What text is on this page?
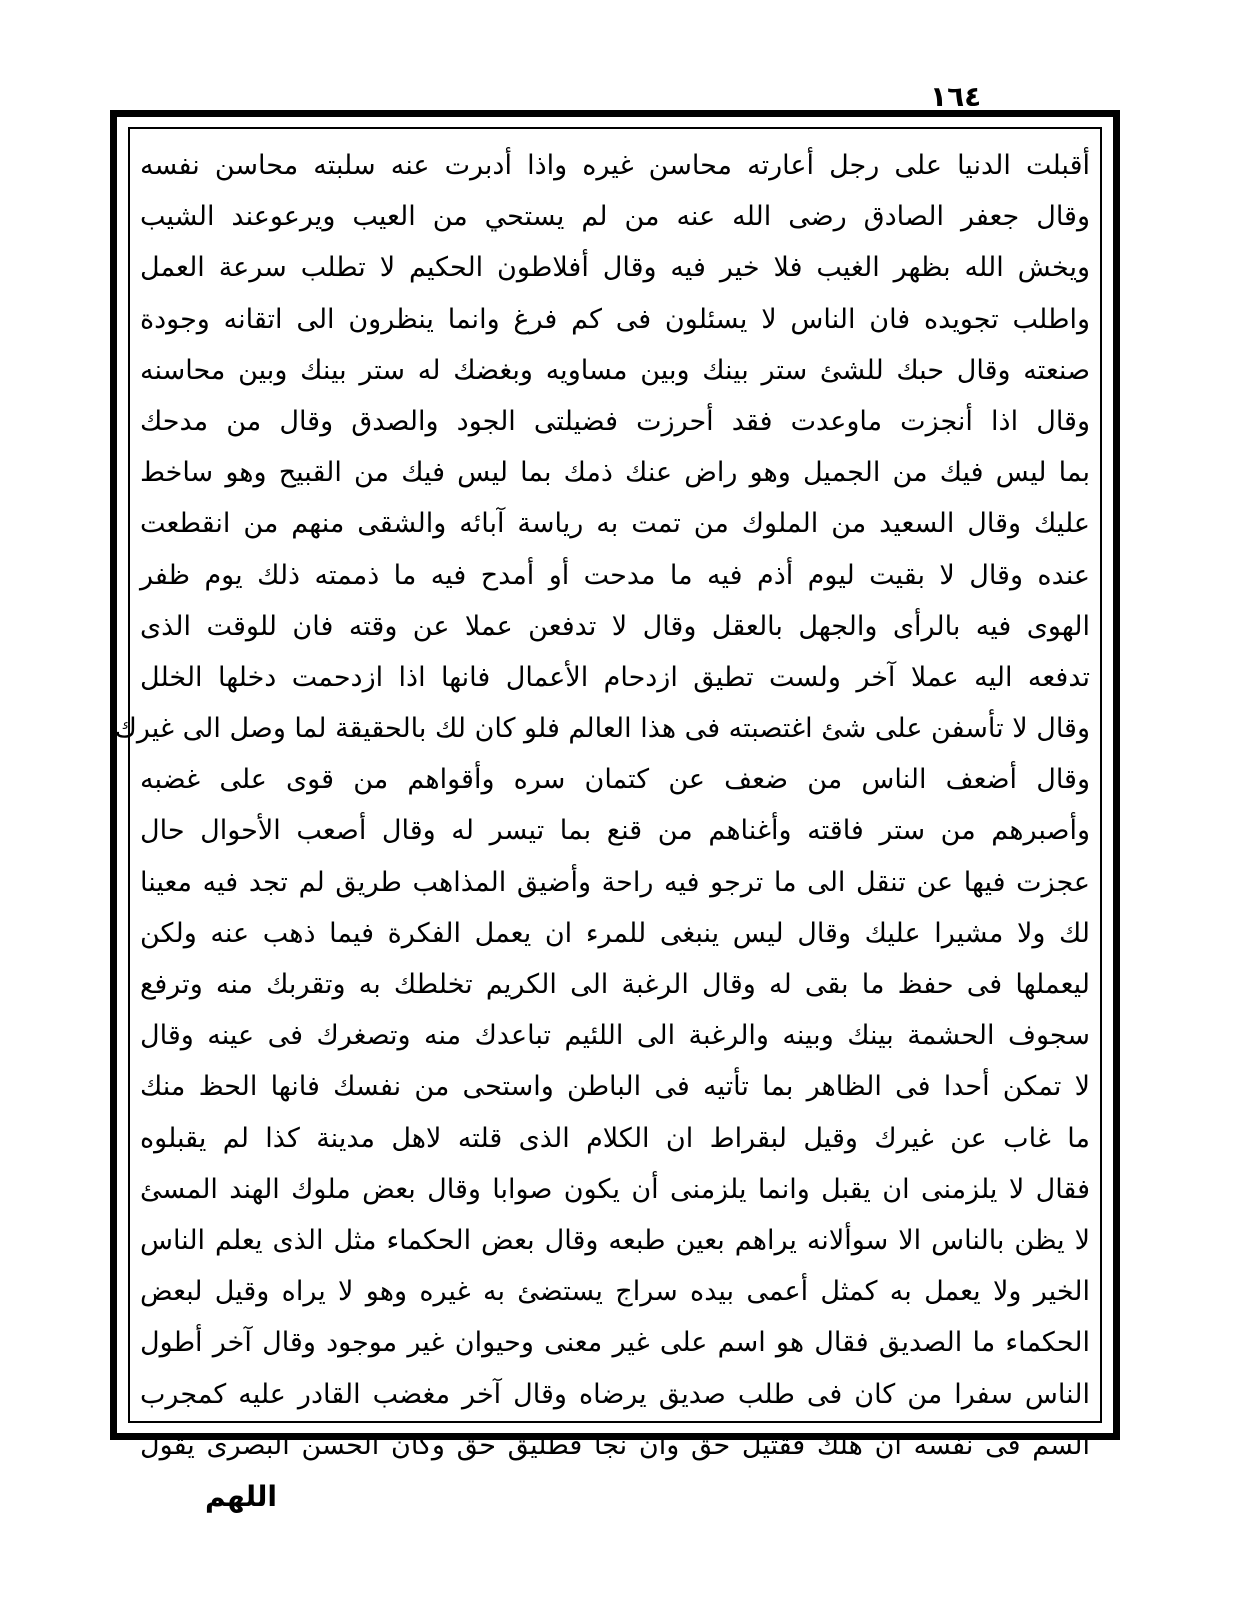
١٦٤
أقبلت الدنيا على رجل أعارته محاسن غيره واذا أدبرت عنه سلبته محاسن نفسه
وقال جعفر الصادق رضى الله عنه من لم يستحي من العيب ويرعوعند الشيب
ويخش الله بظهر الغيب فلا خير فيه وقال أفلاطون الحكيم لا تطلب سرعة العمل
واطلب تجويده فان الناس لا يسئلون فى كم فرغ وانما ينظرون الى اتقانه وجودة
صنعته وقال حبك للشئ ستر بينك وبين مساويه وبغضك له ستر بينك وبين محاسنه
وقال اذا أنجزت ماوعدت فقد أحرزت فضيلتى الجود والصدق وقال من مدحك
بما ليس فيك من الجميل وهو راض عنك ذمك بما ليس فيك من القبيح وهو ساخط
عليك وقال السعيد من الملوك من تمت به رياسة آبائه والشقى منهم من انقطعت
عنده وقال لا بقيت ليوم أذم فيه ما مدحت أو أمدح فيه ما ذممته ذلك يوم ظفر
الهوى فيه بالرأى والجهل بالعقل وقال لا تدفعن عملا عن وقته فان للوقت الذى
تدفعه اليه عملا آخر ولست تطيق ازدحام الأعمال فانها اذا ازدحمت دخلها الخلل
وقال لا تأسفن على شئ اغتصبته فى هذا العالم فلو كان لك بالحقيقة لما وصل الى غيرك
وقال أضعف الناس من ضعف عن كتمان سره وأقواهم من قوى على غضبه
وأصبرهم من ستر فاقته وأغناهم من قنع بما تيسر له وقال أصعب الأحوال حال
عجزت فيها عن تنقل الى ما ترجو فيه راحة وأضيق المذاهب طريق لم تجد فيه معينا
لك ولا مشيرا عليك وقال ليس ينبغى للمرء ان يعمل الفكرة فيما ذهب عنه ولكن
ليعملها فى حفظ ما بقى له وقال الرغبة الى الكريم تخلطك به وتقربك منه وترفع
سجوف الحشمة بينك وبينه والرغبة الى اللئيم تباعدك منه وتصغرك فى عينه وقال
لا تمكن أحدا فى الظاهر بما تأتيه فى الباطن واستحى من نفسك فانها الحظ منك
ما غاب عن غيرك وقيل لبقراط ان الكلام الذى قلته لاهل مدينة كذا لم يقبلوه
فقال لا يلزمنى ان يقبل وانما يلزمنى أن يكون صوابا وقال بعض ملوك الهند المسئ
لا يظن بالناس الا سوألانه يراهم بعين طبعه وقال بعض الحكماء مثل الذى يعلم الناس
الخير ولا يعمل به كمثل أعمى بيده سراج يستضئ به غيره وهو لا يراه وقيل لبعض
الحكماء ما الصديق فقال هو اسم على غير معنى وحيوان غير موجود وقال آخر أطول
الناس سفرا من كان فى طلب صديق يرضاه وقال آخر مغضب القادر عليه كمجرب
السم فى نفسه ان هلك فقتيل حق وان نجا فطليق حق وكان الحسن البصرى يقول
اللهم
